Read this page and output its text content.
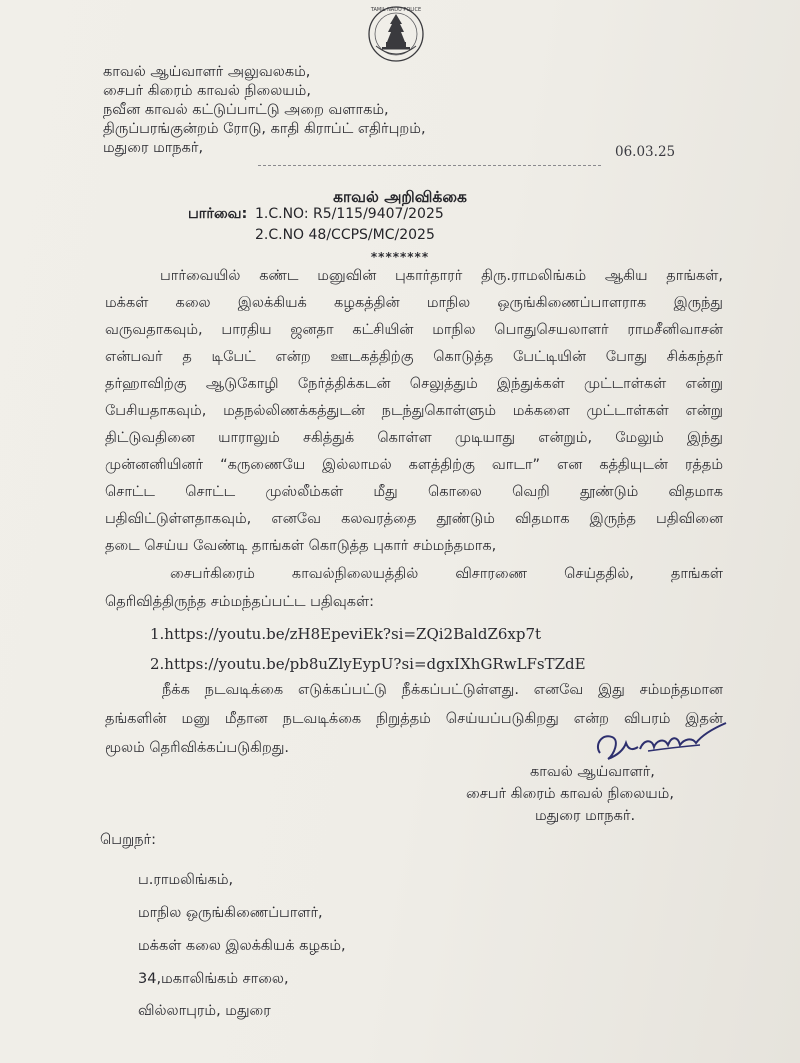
TAMIL NADU POLICE
காவல் ஆய்வாளர் அலுவலகம்,
சைபர் கிரைம் காவல் நிலையம்,
நவீன காவல் கட்டுப்பாட்டு அறை வளாகம்,
திருப்பரங்குன்றம் ரோடு, காதி கிராப்ட் எதிர்புறம்,
மதுரை மாநகர்,	06.03.25
காவல் அறிவிக்கை
பார்வை: 1.C.NO: R5/115/9407/2025
2.C.NO 48/CCPS/MC/2025
********
பார்வையில் கண்ட மனுவின் புகார்தாரர் திரு.ராமலிங்கம் ஆகிய தாங்கள்,
மக்கள் கலை இலக்கியக் கழகத்தின் மாநில ஒருங்கிணைப்பாளராக இருந்து
வருவதாகவும், பாரதிய ஜனதா கட்சியின் மாநில பொதுசெயலாளர் ராமசீனிவாசன்
என்பவர் த டிபேட் என்ற ஊடகத்திற்கு கொடுத்த பேட்டியின் போது சிக்கந்தர்
தர்ஹாவிற்கு ஆடுகோழி நேர்த்திக்கடன் செலுத்தும் இந்துக்கள் முட்டாள்கள் என்று
பேசியதாகவும், மதநல்லிணக்கத்துடன் நடந்துகொள்ளும் மக்களை முட்டாள்கள் என்று
திட்டுவதினை யாராலும் சகித்துக் கொள்ள முடியாது என்றும், மேலும் இந்து
முன்னனியினர் “கருணையே இல்லாமல் களத்திற்கு வாடா” என கத்தியுடன் ரத்தம்
சொட்ட சொட்ட முஸ்லீம்கள் மீது கொலை வெறி தூண்டும் விதமாக
பதிவிட்டுள்ளதாகவும், எனவே கலவரத்தை தூண்டும் விதமாக இருந்த பதிவினை
தடை செய்ய வேண்டி தாங்கள் கொடுத்த புகார் சம்மந்தமாக,
சைபர்கிரைம் காவல்நிலையத்தில் விசாரணை செய்ததில், தாங்கள்
தெரிவித்திருந்த சம்மந்தப்பட்ட பதிவுகள்:
1.https://youtu.be/zH8EpeviEk?si=ZQi2BaldZ6xp7t
2.https://youtu.be/pb8uZlyEypU?si=dgxIXhGRwLFsTZdE
நீக்க நடவடிக்கை எடுக்கப்பட்டு நீக்கப்பட்டுள்ளது. எனவே இது சம்மந்தமான
தங்களின் மனு மீதான நடவடிக்கை நிறுத்தம் செய்யப்படுகிறது என்ற விபரம் இதன்
மூலம் தெரிவிக்கப்படுகிறது.
காவல் ஆய்வாளர்,
சைபர் கிரைம் காவல் நிலையம்,
மதுரை மாநகர்.
பெறுநர்:
ப.ராமலிங்கம்,
மாநில ஒருங்கிணைப்பாளர்,
மக்கள் கலை இலக்கியக் கழகம்,
34,மகாலிங்கம் சாலை,
வில்லாபுரம், மதுரை
